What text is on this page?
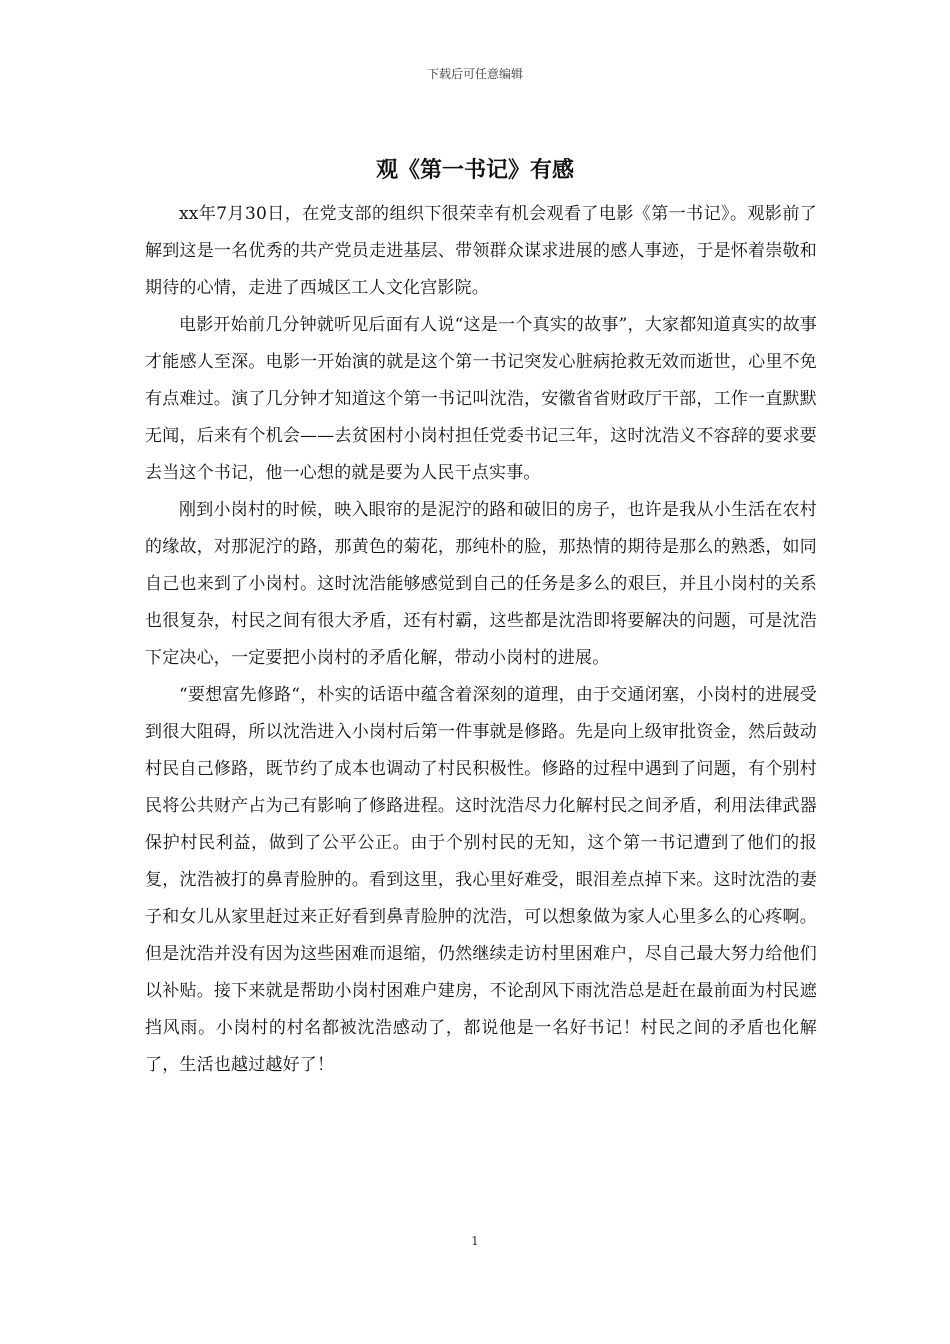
下载后可任意编辑
观《第一书记》有感

xx年7月30日，在党支部的组织下很荣幸有机会观看了电影《第一书记》。观影前了解到这是一名优秀的共产党员走进基层、带领群众谋求进展的感人事迹，于是怀着崇敬和期待的心情，走进了西城区工人文化宫影院。

电影开始前几分钟就听见后面有人说“这是一个真实的故事”，大家都知道真实的故事才能感人至深。电影一开始演的就是这个第一书记突发心脏病抢救无效而逝世，心里不免有点难过。演了几分钟才知道这个第一书记叫沈浩，安徽省省财政厅干部，工作一直默默无闻，后来有个机会——去贫困村小岗村担任党委书记三年，这时沈浩义不容辞的要求要去当这个书记，他一心想的就是要为人民干点实事。

刚到小岗村的时候，映入眼帘的是泥泞的路和破旧的房子，也许是我从小生活在农村的缘故，对那泥泞的路，那黄色的菊花，那纯朴的脸，那热情的期待是那么的熟悉，如同自己也来到了小岗村。这时沈浩能够感觉到自己的任务是多么的艰巨，并且小岗村的关系也很复杂，村民之间有很大矛盾，还有村霸，这些都是沈浩即将要解决的问题，可是沈浩下定决心，一定要把小岗村的矛盾化解，带动小岗村的进展。

“要想富先修路“，朴实的话语中蕴含着深刻的道理，由于交通闭塞，小岗村的进展受到很大阻碍，所以沈浩进入小岗村后第一件事就是修路。先是向上级审批资金，然后鼓动村民自己修路，既节约了成本也调动了村民积极性。修路的过程中遇到了问题，有个别村民将公共财产占为己有影响了修路进程。这时沈浩尽力化解村民之间矛盾，利用法律武器保护村民利益，做到了公平公正。由于个别村民的无知，这个第一书记遭到了他们的报复，沈浩被打的鼻青脸肿的。看到这里，我心里好难受，眼泪差点掉下来。这时沈浩的妻子和女儿从家里赶过来正好看到鼻青脸肿的沈浩，可以想象做为家人心里多么的心疼啊。但是沈浩并没有因为这些困难而退缩，仍然继续走访村里困难户，尽自己最大努力给他们以补贴。接下来就是帮助小岗村困难户建房，不论刮风下雨沈浩总是赶在最前面为村民遮挡风雨。小岗村的村名都被沈浩感动了，都说他是一名好书记！村民之间的矛盾也化解了，生活也越过越好了！

1
